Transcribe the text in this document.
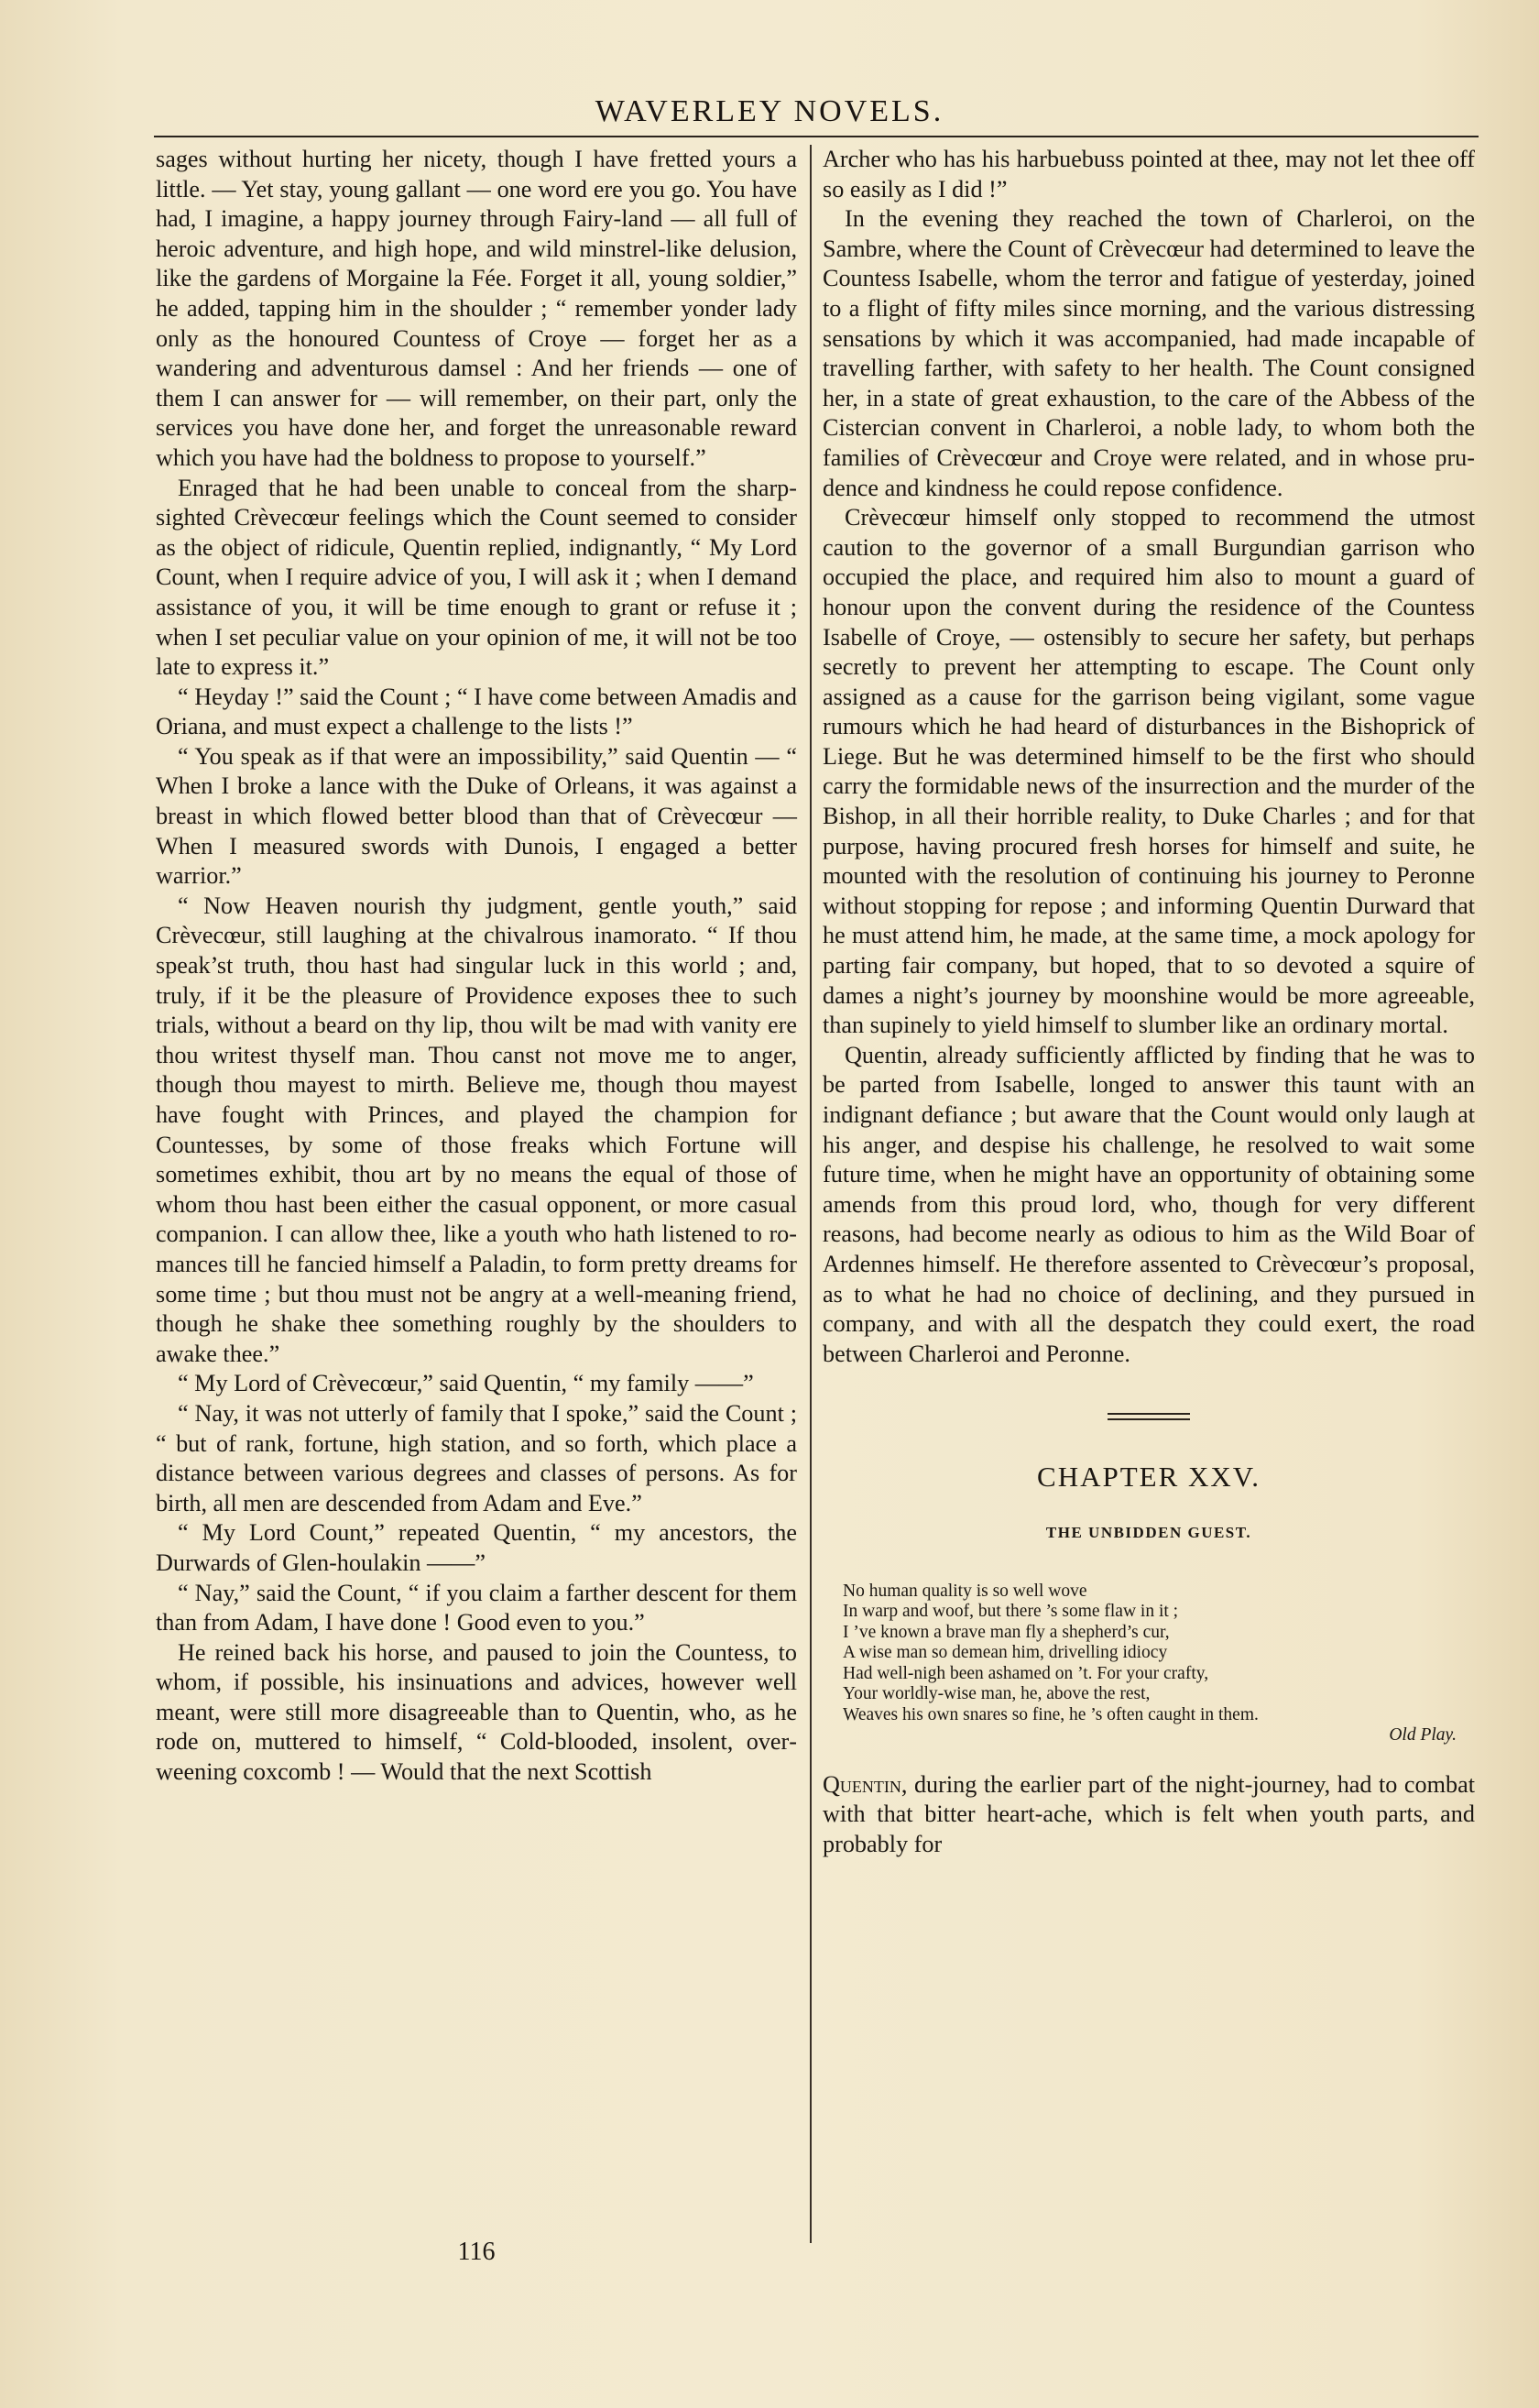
WAVERLEY NOVELS.

sages without hurting her nicety, though I have fretted yours a little. — Yet stay, young gallant — one word ere you go. You have had, I imagine, a happy journey through Fairy-land — all full of heroic adventure, and high hope, and wild minstrel-like delusion, like the gardens of Morgaine la Fée. Forget it all, young soldier,” he added, tapping him in the shoulder ; “ remember yonder lady only as the honoured Countess of Croye — forget her as a wandering and adventurous damsel : And her friends — one of them I can answer for — will remember, on their part, only the services you have done her, and forget the unreasonable reward which you have had the boldness to propose to yourself.”

Enraged that he had been unable to conceal from the sharp-sighted Crèvecœur feelings which the Count seemed to consider as the object of ridicule, Quentin replied, indignantly, “ My Lord Count, when I require advice of you, I will ask it ; when I demand assistance of you, it will be time enough to grant or refuse it ; when I set peculiar value on your opinion of me, it will not be too late to express it.”

“ Heyday !” said the Count ; “ I have come between Amadis and Oriana, and must expect a challenge to the lists !”

“ You speak as if that were an impossibility,” said Quentin — “ When I broke a lance with the Duke of Orleans, it was against a breast in which flowed better blood than that of Crèvecœur — When I measured swords with Dunois, I engaged a better warrior.”

“ Now Heaven nourish thy judgment, gentle youth,” said Crèvecœur, still laughing at the chivalrous inamorato. “ If thou speak’st truth, thou hast had singular luck in this world ; and, truly, if it be the pleasure of Providence exposes thee to such trials, without a beard on thy lip, thou wilt be mad with vanity ere thou writest thyself man. Thou canst not move me to anger, though thou mayest to mirth. Believe me, though thou mayest have fought with Princes, and played the champion for Countesses, by some of those freaks which Fortune will sometimes exhibit, thou art by no means the equal of those of whom thou hast been either the casual opponent, or more casual companion. I can allow thee, like a youth who hath listened to romances till he fancied himself a Paladin, to form pretty dreams for some time ; but thou must not be angry at a well-meaning friend, though he shake thee something roughly by the shoulders to awake thee.”

“ My Lord of Crèvecœur,” said Quentin, “ my family ——”

“ Nay, it was not utterly of family that I spoke,” said the Count ; “ but of rank, fortune, high station, and so forth, which place a distance between various degrees and classes of persons. As for birth, all men are descended from Adam and Eve.”

“ My Lord Count,” repeated Quentin, “ my ancestors, the Durwards of Glen-houlakin ——”

“ Nay,” said the Count, “ if you claim a farther descent for them than from Adam, I have done ! Good even to you.”

He reined back his horse, and paused to join the Countess, to whom, if possible, his insinuations and advices, however well meant, were still more disagreeable than to Quentin, who, as he rode on, muttered to himself, “ Cold-blooded, insolent, overweening coxcomb ! — Would that the next Scottish

Archer who has his harbuebuss pointed at thee, may not let thee off so easily as I did !”

In the evening they reached the town of Charleroi, on the Sambre, where the Count of Crèvecœur had determined to leave the Countess Isabelle, whom the terror and fatigue of yesterday, joined to a flight of fifty miles since morning, and the various distressing sensations by which it was accompanied, had made incapable of travelling farther, with safety to her health. The Count consigned her, in a state of great exhaustion, to the care of the Abbess of the Cistercian convent in Charleroi, a noble lady, to whom both the families of Crèvecœur and Croye were related, and in whose prudence and kindness he could repose confidence.

Crèvecœur himself only stopped to recommend the utmost caution to the governor of a small Burgundian garrison who occupied the place, and required him also to mount a guard of honour upon the convent during the residence of the Countess Isabelle of Croye, — ostensibly to secure her safety, but perhaps secretly to prevent her attempting to escape. The Count only assigned as a cause for the garrison being vigilant, some vague rumours which he had heard of disturbances in the Bishoprick of Liege. But he was determined himself to be the first who should carry the formidable news of the insurrection and the murder of the Bishop, in all their horrible reality, to Duke Charles ; and for that purpose, having procured fresh horses for himself and suite, he mounted with the resolution of continuing his journey to Peronne without stopping for repose ; and informing Quentin Durward that he must attend him, he made, at the same time, a mock apology for parting fair company, but hoped, that to so devoted a squire of dames a night’s journey by moonshine would be more agreeable, than supinely to yield himself to slumber like an ordinary mortal.

Quentin, already sufficiently afflicted by finding that he was to be parted from Isabelle, longed to answer this taunt with an indignant defiance ; but aware that the Count would only laugh at his anger, and despise his challenge, he resolved to wait some future time, when he might have an opportunity of obtaining some amends from this proud lord, who, though for very different reasons, had become nearly as odious to him as the Wild Boar of Ardennes himself. He therefore assented to Crèvecœur’s proposal, as to what he had no choice of declining, and they pursued in company, and with all the despatch they could exert, the road between Charleroi and Peronne.

CHAPTER XXV.
THE UNBIDDEN GUEST.
No human quality is so well wove
In warp and woof, but there ’s some flaw in it ;
I ’ve known a brave man fly a shepherd’s cur,
A wise man so demean him, drivelling idiocy
Had well-nigh been ashamed on ’t. For your crafty,
Your worldly-wise man, he, above the rest,
Weaves his own snares so fine, he ’s often caught in them.
Old Play.

Quentin, during the earlier part of the night-journey, had to combat with that bitter heart-ache, which is felt when youth parts, and probably for

116
